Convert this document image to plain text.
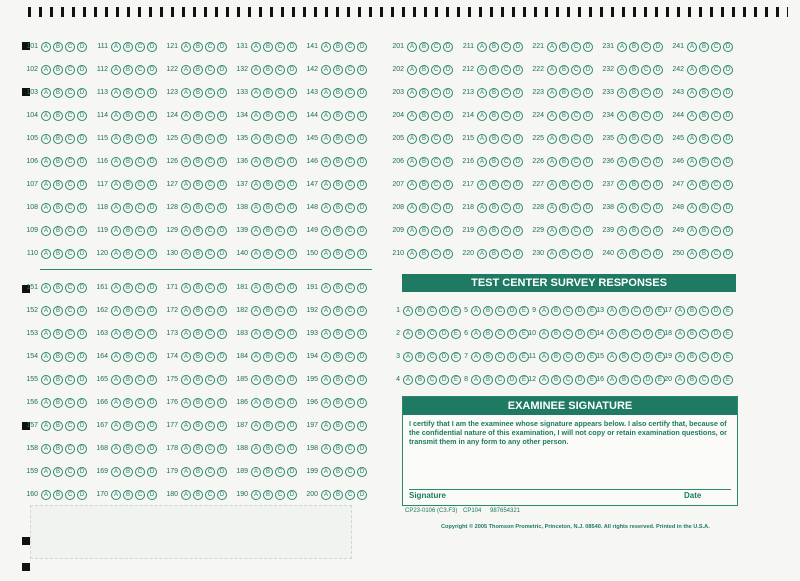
101 A	B	C	D
102 A	B	C	D
103 A	B	C	D
104 A	B	C	D
105 A	B	C	D
106 A	B	C	D
107 A	B	C	D
108 A	B	C	D
109 A	B	C	D
110 A	B	C	D
111 A	B	C	D
112 A	B	C	D
113 A	B	C	D
114 A	B	C	D
115 A	B	C	D
116 A	B	C	D
117 A	B	C	D
118 A	B	C	D
119 A	B	C	D
120 A	B	C	D
121 A	B	C	D
122 A	B	C	D
123 A	B	C	D
124 A	B	C	D
125 A	B	C	D
126 A	B	C	D
127 A	B	C	D
128 A	B	C	D
129 A	B	C	D
130 A	B	C	D
131 A	B	C	D
132 A	B	C	D
133 A	B	C	D
134 A	B	C	D
135 A	B	C	D
136 A	B	C	D
137 A	B	C	D
138 A	B	C	D
139 A	B	C	D
140 A	B	C	D
141 A	B	C	D
142 A	B	C	D
143 A	B	C	D
144 A	B	C	D
145 A	B	C	D
146 A	B	C	D
147 A	B	C	D
148 A	B	C	D
149 A	B	C	D
150 A	B	C	D
201 A	B	C	D
202 A	B	C	D
203 A	B	C	D
204 A	B	C	D
205 A	B	C	D
206 A	B	C	D
207 A	B	C	D
208 A	B	C	D
209 A	B	C	D
210 A	B	C	D
211 A	B	C	D
212 A	B	C	D
213 A	B	C	D
214 A	B	C	D
215 A	B	C	D
216 A	B	C	D
217 A	B	C	D
218 A	B	C	D
219 A	B	C	D
220 A	B	C	D
221 A	B	C	D
222 A	B	C	D
223 A	B	C	D
224 A	B	C	D
225 A	B	C	D
226 A	B	C	D
227 A	B	C	D
228 A	B	C	D
229 A	B	C	D
230 A	B	C	D
231 A	B	C	D
232 A	B	C	D
233 A	B	C	D
234 A	B	C	D
235 A	B	C	D
236 A	B	C	D
237 A	B	C	D
238 A	B	C	D
239 A	B	C	D
240 A	B	C	D
241 A	B	C	D
242 A	B	C	D
243 A	B	C	D
244 A	B	C	D
245 A	B	C	D
246 A	B	C	D
247 A	B	C	D
248 A	B	C	D
249 A	B	C	D
250 A	B	C	D
151 A	B	C	D
152 A	B	C	D
153 A	B	C	D
154 A	B	C	D
155 A	B	C	D
156 A	B	C	D
157 A	B	C	D
158 A	B	C	D
159 A	B	C	D
160 A	B	C	D
161 A	B	C	D
162 A	B	C	D
163 A	B	C	D
164 A	B	C	D
165 A	B	C	D
166 A	B	C	D
167 A	B	C	D
168 A	B	C	D
169 A	B	C	D
170 A	B	C	D
171 A	B	C	D
172 A	B	C	D
173 A	B	C	D
174 A	B	C	D
175 A	B	C	D
176 A	B	C	D
177 A	B	C	D
178 A	B	C	D
179 A	B	C	D
180 A	B	C	D
181 A	B	C	D
182 A	B	C	D
183 A	B	C	D
184 A	B	C	D
185 A	B	C	D
186 A	B	C	D
187 A	B	C	D
188 A	B	C	D
189 A	B	C	D
190 A	B	C	D
191 A	B	C	D
192 A	B	C	D
193 A	B	C	D
194 A	B	C	D
195 A	B	C	D
196 A	B	C	D
197 A	B	C	D
198 A	B	C	D
199 A	B	C	D
200 A	B	C	D
TEST CENTER SURVEY RESPONSES
1 A	B	C	D	E
2 A	B	C	D	E
3 A	B	C	D	E
4 A	B	C	D	E
5 A	B	C	D	E
6 A	B	C	D	E
7 A	B	C	D	E
8 A	B	C	D	E
9 A	B	C	D	E
10 A	B	C	D	E
11 A	B	C	D	E
12 A	B	C	D	E
13 A	B	C	D	E
14 A	B	C	D	E
15 A	B	C	D	E
16 A	B	C	D	E
17 A	B	C	D	E
18 A	B	C	D	E
19 A	B	C	D	E
20 A	B	C	D	E
EXAMINEE SIGNATURE
I certify that I am the examinee whose signature appears below. I also certify that, because of the confidential nature of this examination, I will not copy or retain examination questions, or transmit them in any form to any other person.
Signature	Date
CP23-0106 (C3.F3) CP104 987654321
Copyright © 2005 Thomson Prometric, Princeton, N.J. 08540. All rights reserved. Printed in the U.S.A.
